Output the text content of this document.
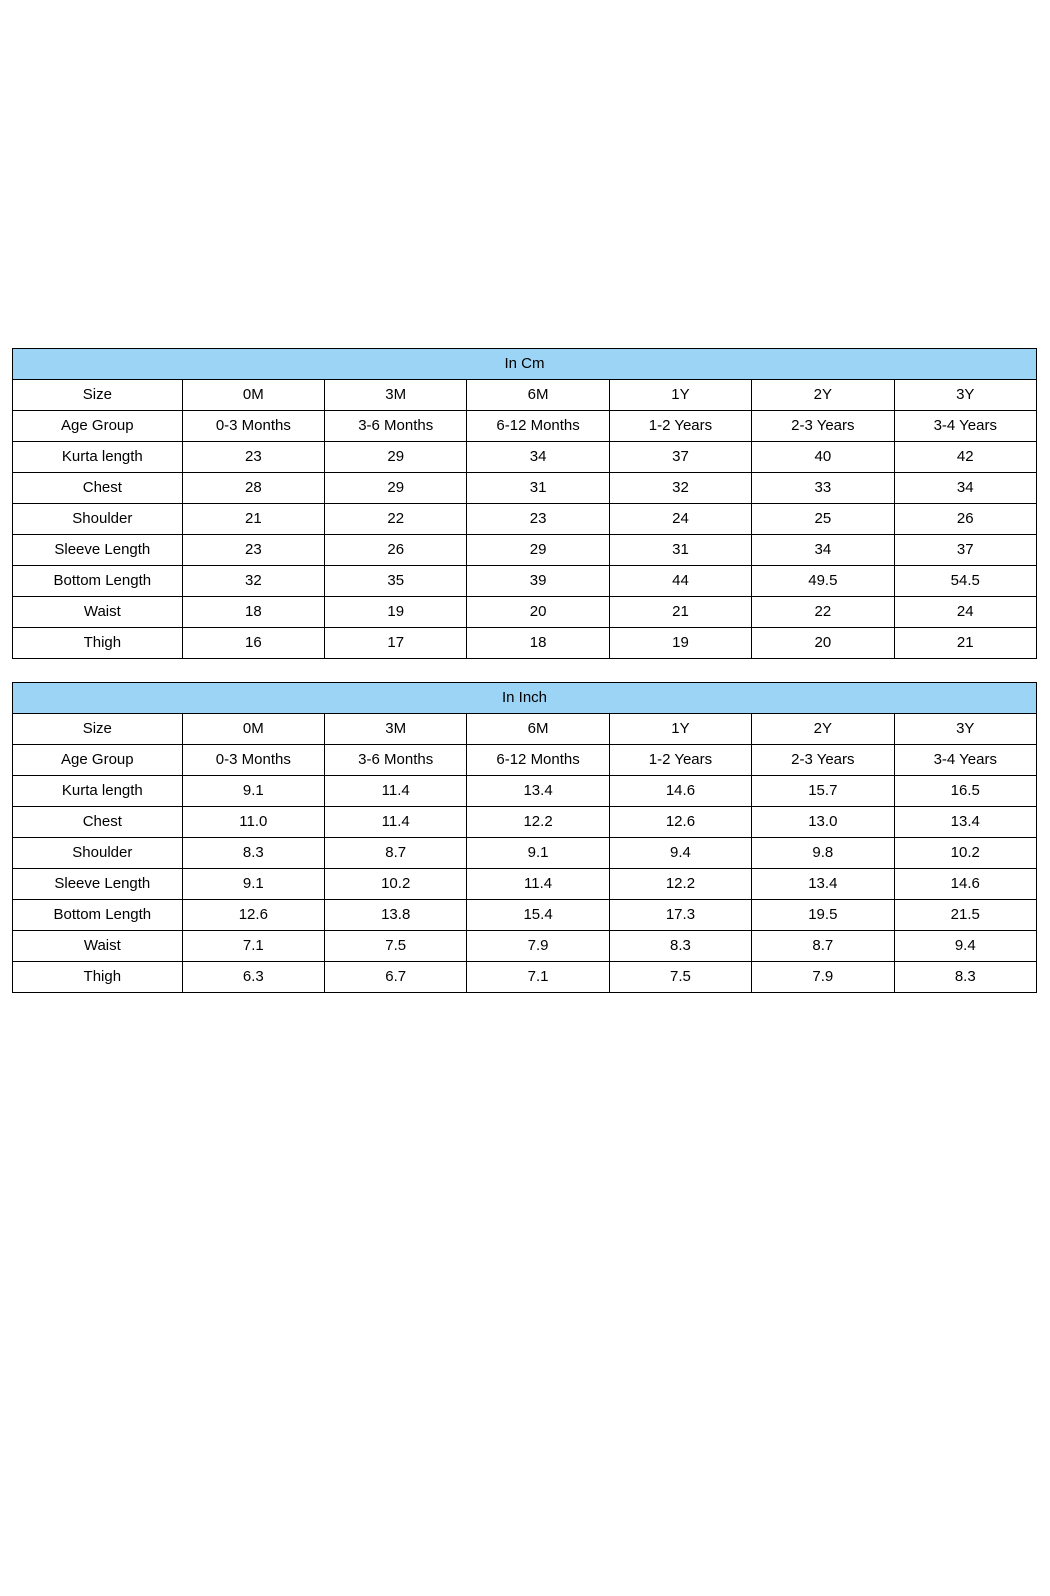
In Cm						
Size	0M	3M	6M	1Y	2Y	3Y
Age Group	0-3 Months	3-6 Months	6-12 Months	1-2 Years	2-3 Years	3-4 Years
Kurta length	23	29	34	37	40	42
Chest	28	29	31	32	33	34
Shoulder	21	22	23	24	25	26
Sleeve Length	23	26	29	31	34	37
Bottom Length	32	35	39	44	49.5	54.5
Waist	18	19	20	21	22	24
Thigh	16	17	18	19	20	21
In Inch						
Size	0M	3M	6M	1Y	2Y	3Y
Age Group	0-3 Months	3-6 Months	6-12 Months	1-2 Years	2-3 Years	3-4 Years
Kurta length	9.1	11.4	13.4	14.6	15.7	16.5
Chest	11.0	11.4	12.2	12.6	13.0	13.4
Shoulder	8.3	8.7	9.1	9.4	9.8	10.2
Sleeve Length	9.1	10.2	11.4	12.2	13.4	14.6
Bottom Length	12.6	13.8	15.4	17.3	19.5	21.5
Waist	7.1	7.5	7.9	8.3	8.7	9.4
Thigh	6.3	6.7	7.1	7.5	7.9	8.3
